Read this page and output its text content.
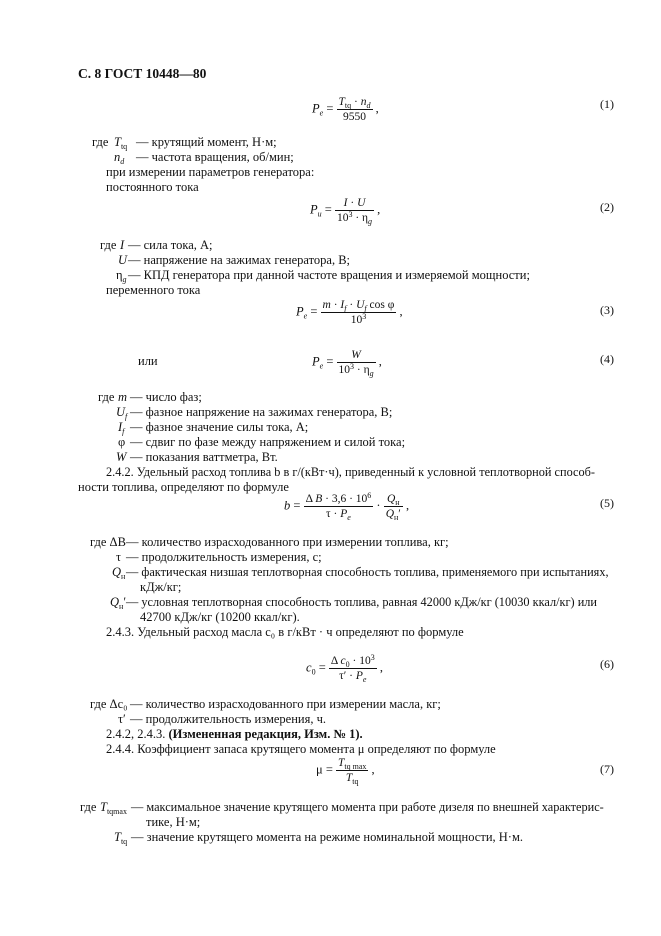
С. 8 ГОСТ 10448—80
$P_e = \frac{T_{tq} \cdot n_d}{9550}$ ,	(1)
где $T_{tq}$ — крутящий момент, Н·м;
$n_d$ — частота вращения, об/мин;
при измерении параметров генератора:
постоянного тока
$P_u = \frac{I \cdot U}{10^3 \cdot \eta_g}$ ,	(2)
где I — сила тока, А;
U — напряжение на зажимах генератора, В;
$\eta_g$ — КПД генератора при данной частоте вращения и измеряемой мощности;
переменного тока
$P_e = \frac{m \cdot I_f \cdot U_f \cos \varphi}{10^3}$ ,	(3)
или	$P_e = \frac{W}{10^3 \cdot \eta_g}$ ,	(4)
где m — число фаз;
$U_f$ — фазное напряжение на зажимах генератора, В;
$I_f$ — фазное значение силы тока, А;
φ — сдвиг по фазе между напряжением и силой тока;
W — показания ваттметра, Вт.
2.4.2. Удельный расход топлива b в г/(кВт·ч), приведенный к условной теплотворной способ-
ности топлива, определяют по формуле
$b = \frac{\Delta B \cdot 3,6 \cdot 10^6}{\tau \cdot P_e} \cdot \frac{Q_н}{Q_н'}$ ,	(5)
где ΔB — количество израсходованного при измерении топлива, кг;
τ — продолжительность измерения, с;
$Q_н$ — фактическая низшая теплотворная способность топлива, применяемого при испытаниях,
кДж/кг;
$Q_н'$ — условная теплотворная способность топлива, равная 42000 кДж/кг (10030 ккал/кг) или
42700 кДж/кг (10200 ккал/кг).
2.4.3. Удельный расход масла c₀ в г/кВт · ч определяют по формуле
$c_0 = \frac{\Delta c_0 \cdot 10^3}{\tau' \cdot P_e}$ ,	(6)
где Δc₀ — количество израсходованного при измерении масла, кг;
τ′ — продолжительность измерения, ч.
2.4.2, 2.4.3. (Измененная редакция, Изм. № 1).
2.4.4. Коэффициент запаса крутящего момента μ определяют по формуле
$\mu = \frac{T_{tq max}}{T_{tq}}$ ,	(7)
где $T_{tqmax}$ — максимальное значение крутящего момента при работе дизеля по внешней характерис-
тике, Н·м;
$T_{tq}$ — значение крутящего момента на режиме номинальной мощности, Н·м.
